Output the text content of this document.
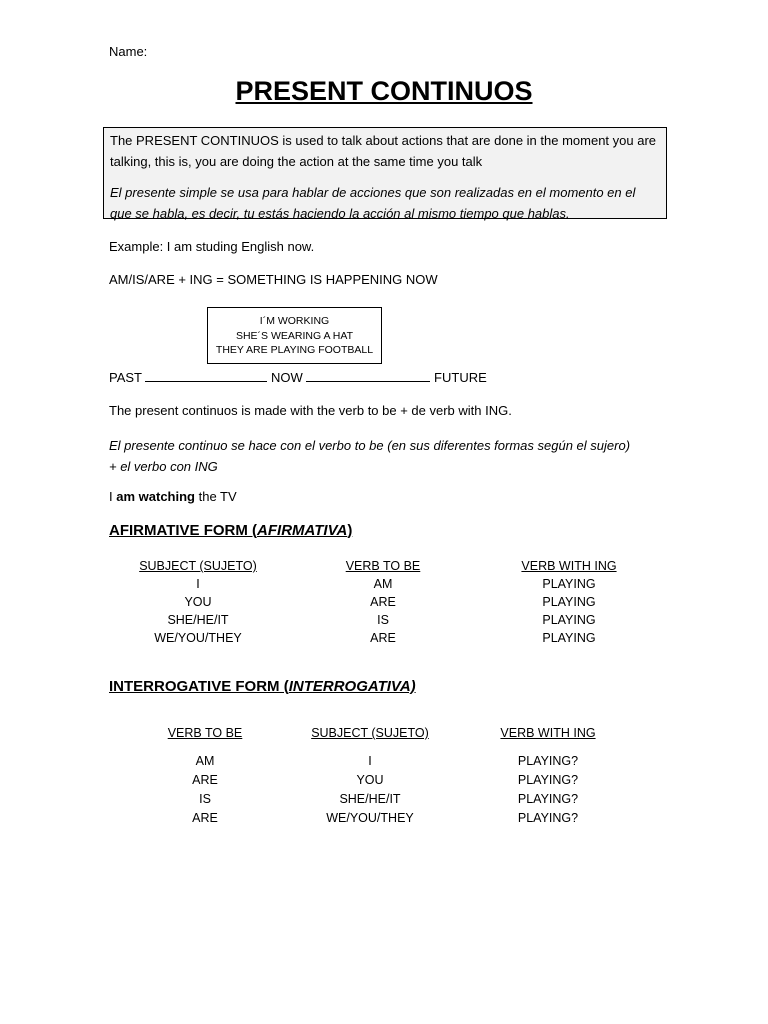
Name:
PRESENT CONTINUOS

The PRESENT CONTINUOS is used to talk about actions that are done in the moment you are talking, this is, you are doing the action at the same time you talk

El presente simple se usa para hablar de acciones que son realizadas en el momento en el que se habla, es decir, tu estás haciendo la acción al mismo tiempo que hablas.

Example: I am studing English now.
AM/IS/ARE + ING = SOMETHING IS HAPPENING NOW
I´M WORKING
SHE´S WEARING A HAT
THEY ARE PLAYING FOOTBALL
PAST	NOW	FUTURE
The present continuos is made with the verb to be + de verb with ING.
El presente continuo se hace con el verbo to be (en sus diferentes formas según el sujero) + el verbo con ING
I am watching the TV
AFIRMATIVE FORM (AFIRMATIVA)
SUBJECT (SUJETO)
I
YOU
SHE/HE/IT
WE/YOU/THEY
VERB TO BE
AM
ARE
IS
ARE
VERB WITH ING
PLAYING
PLAYING
PLAYING
PLAYING
INTERROGATIVE FORM (INTERROGATIVA)
VERB TO BE
AM
ARE
IS
ARE
SUBJECT (SUJETO)
I
YOU
SHE/HE/IT
WE/YOU/THEY
VERB WITH ING
PLAYING?
PLAYING?
PLAYING?
PLAYING?
